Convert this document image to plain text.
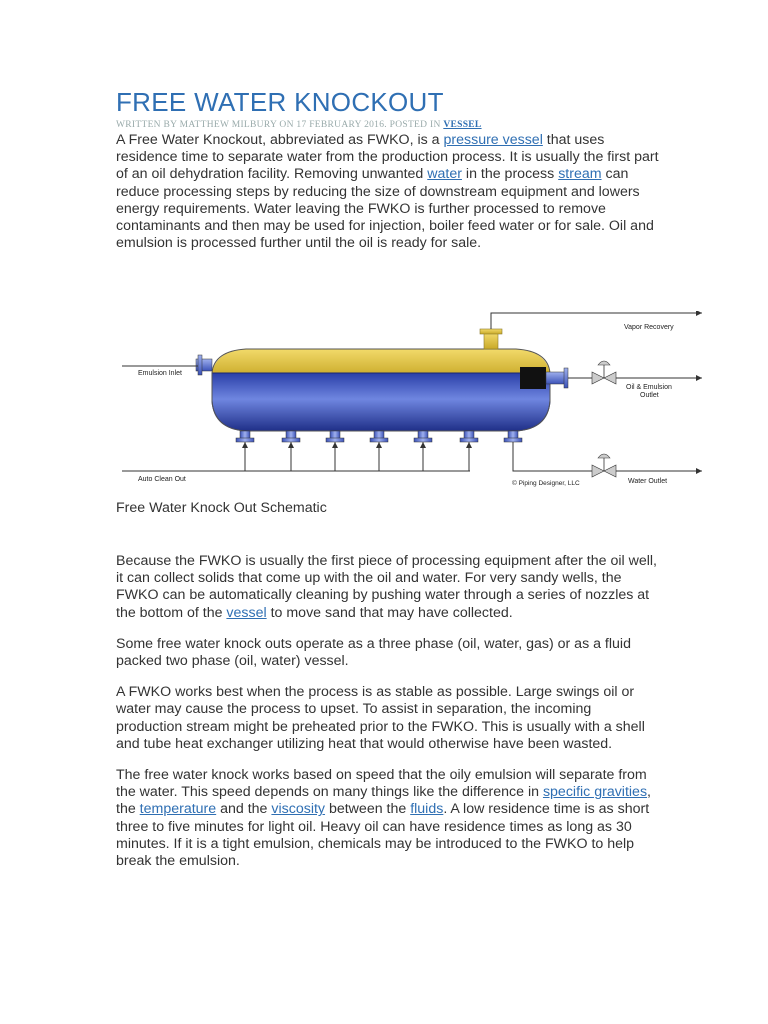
FREE WATER KNOCKOUT
WRITTEN BY MATTHEW MILBURY ON 17 FEBRUARY 2016. POSTED IN VESSEL

A Free Water Knockout, abbreviated as FWKO, is a pressure vessel that uses residence time to separate water from the production process. It is usually the first part of an oil dehydration facility. Removing unwanted water in the process stream can reduce processing steps by reducing the size of downstream equipment and lowers energy requirements. Water leaving the FWKO is further processed to remove contaminants and then may be used for injection, boiler feed water or for sale. Oil and emulsion is processed further until the oil is ready for sale.

Vapor Recovery
Emulsion Inlet
Oil & Emulsion
Outlet
Auto Clean Out
© Piping Designer, LLC	Water Outlet
Free Water Knock Out Schematic

Because the FWKO is usually the first piece of processing equipment after the oil well, it can collect solids that come up with the oil and water. For very sandy wells, the FWKO can be automatically cleaning by pushing water through a series of nozzles at the bottom of the vessel to move sand that may have collected.

Some free water knock outs operate as a three phase (oil, water, gas) or as a fluid packed two phase (oil, water) vessel.

A FWKO works best when the process is as stable as possible. Large swings oil or water may cause the process to upset. To assist in separation, the incoming production stream might be preheated prior to the FWKO. This is usually with a shell and tube heat exchanger utilizing heat that would otherwise have been wasted.

The free water knock works based on speed that the oily emulsion will separate from the water. This speed depends on many things like the difference in specific gravities, the temperature and the viscosity between the fluids. A low residence time is as short three to five minutes for light oil. Heavy oil can have residence times as long as 30 minutes. If it is a tight emulsion, chemicals may be introduced to the FWKO to help break the emulsion.
